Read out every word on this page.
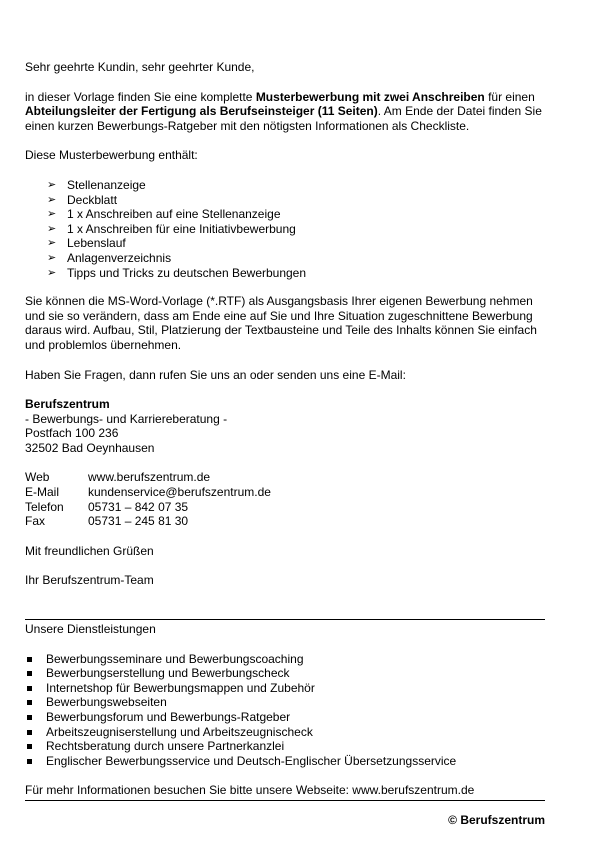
Sehr geehrte Kundin, sehr geehrter Kunde,

in dieser Vorlage finden Sie eine komplette Musterbewerbung mit zwei Anschreiben für einen Abteilungsleiter der Fertigung als Berufseinsteiger (11 Seiten). Am Ende der Datei finden Sie einen kurzen Bewerbungs-Ratgeber mit den nötigsten Informationen als Checkliste.

Diese Musterbewerbung enthält:

➢ Stellenanzeige
➢ Deckblatt
➢ 1 x Anschreiben auf eine Stellenanzeige
➢ 1 x Anschreiben für eine Initiativbewerbung
➢ Lebenslauf
➢ Anlagenverzeichnis
➢ Tipps und Tricks zu deutschen Bewerbungen

Sie können die MS-Word-Vorlage (*.RTF) als Ausgangsbasis Ihrer eigenen Bewerbung nehmen und sie so verändern, dass am Ende eine auf Sie und Ihre Situation zugeschnittene Bewerbung daraus wird. Aufbau, Stil, Platzierung der Textbausteine und Teile des Inhalts können Sie einfach und problemlos übernehmen.

Haben Sie Fragen, dann rufen Sie uns an oder senden uns eine E-Mail:

Berufszentrum

- Bewerbungs- und Karriereberatung -

Postfach 100 236

32502 Bad Oeynhausen

Web	www.berufszentrum.de
E-Mail	kundenservice@berufszentrum.de
Telefon	05731 – 842 07 35
Fax	05731 – 245 81 30

Mit freundlichen Grüßen

Ihr Berufszentrum-Team

Unsere Dienstleistungen

Bewerbungsseminare und Bewerbungscoaching
Bewerbungserstellung und Bewerbungscheck
Internetshop für Bewerbungsmappen und Zubehör
Bewerbungswebseiten
Bewerbungsforum und Bewerbungs-Ratgeber
Arbeitszeugniserstellung und Arbeitszeugnischeck
Rechtsberatung durch unsere Partnerkanzlei
Englischer Bewerbungsservice und Deutsch-Englischer Übersetzungsservice

Für mehr Informationen besuchen Sie bitte unsere Webseite: www.berufszentrum.de

© Berufszentrum
